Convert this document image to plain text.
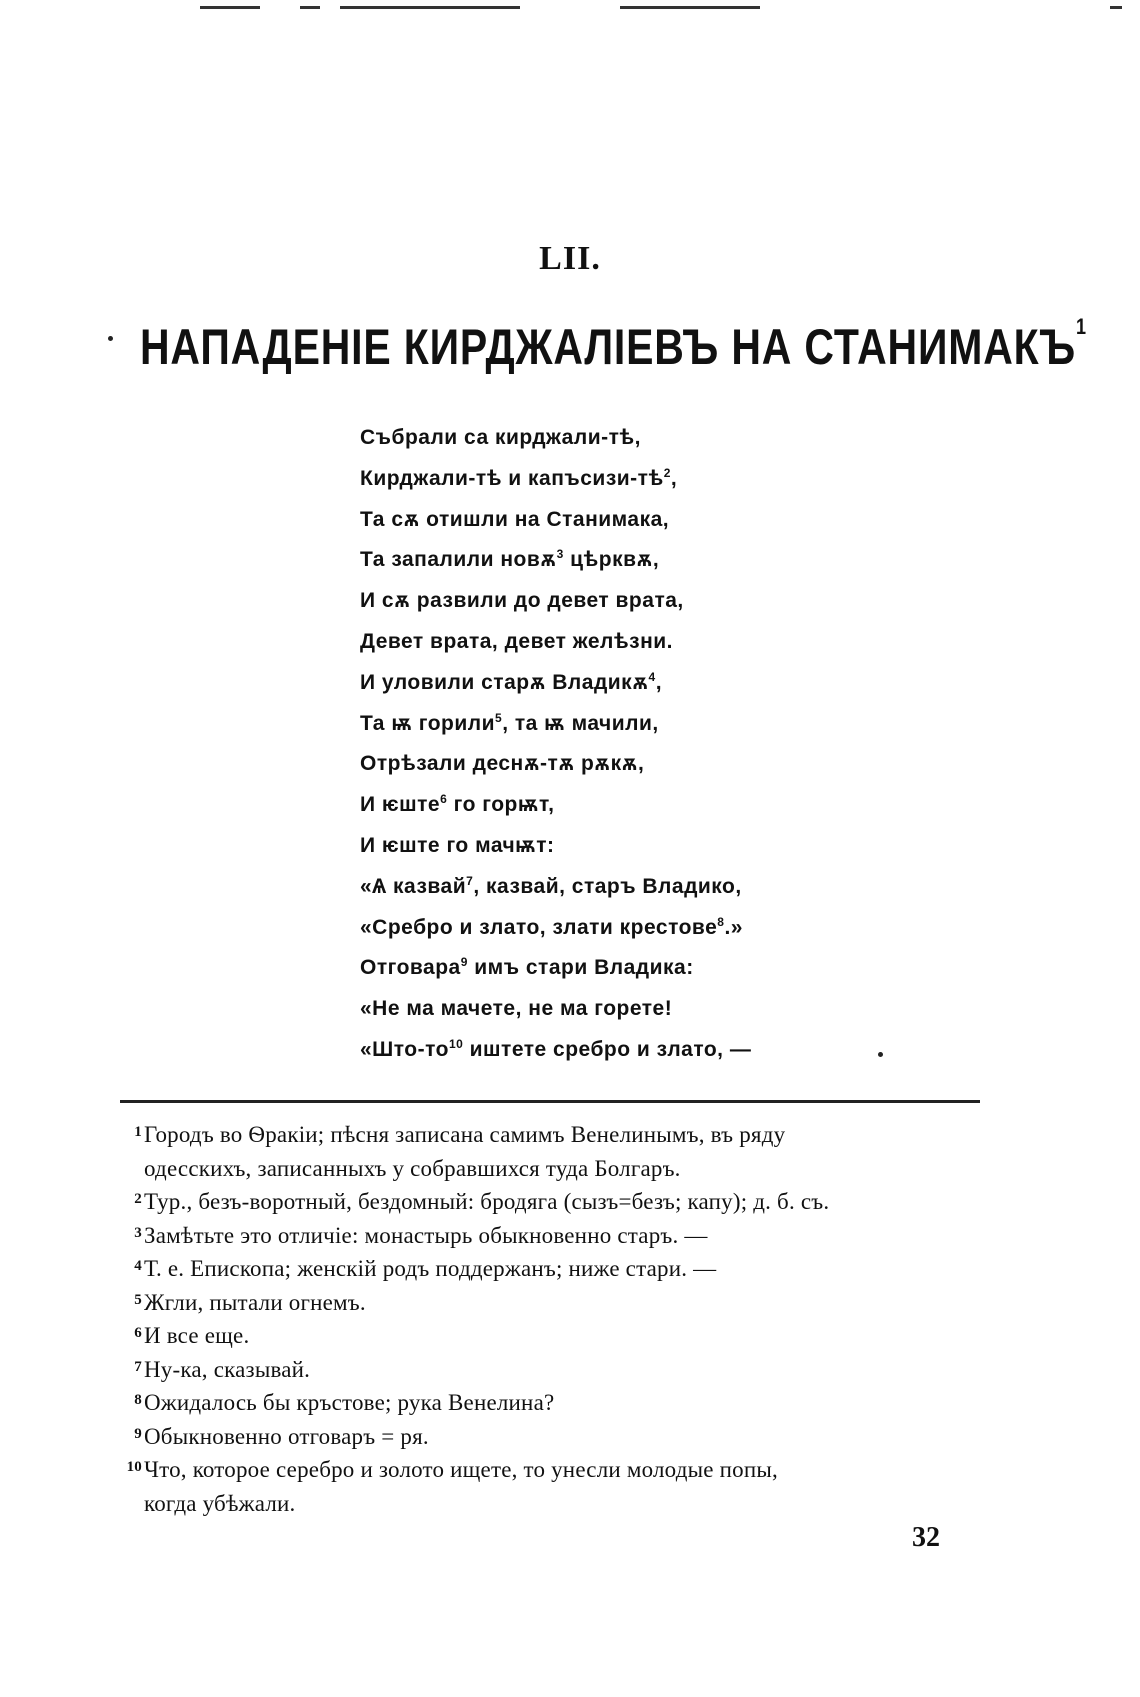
LII.
НАПАДЕНІЕ КИРДЖАЛІЕВЪ НА СТАНИМАКЪ$^1$
Събрали са кирджали-тѣ,
Кирджали-тѣ и капъсизи-$тѣ^2$,
Та сѫ отишли на Станимака,
Та запалили новѫ$^3$ цѣрквѫ,
И сѫ развили до девет врата,
Девет врата, девет желѣзни.
И уловили старѫ Владикѫ$^4$,
Та ѭ горили$^5$, та ѭ мачили,
Отрѣзали деснѫ-тѫ рѫкѫ,
И ѥште$^6$ го горѭт,
И ѥште го мачѭт:
«Ѧ казвай$^7$, казвай, старъ Владико,
«Сребро и злато, злати крестове$^8$.»
Отговара$^9$ имъ стари Владика:
«Не ма мачете, не ма горете!
«$Што-то^{10}$ иштете сребро и злато, —
1 Городъ во Ѳракіи; пѣсня записана самимъ Венелинымъ, въ ряду
одесскихъ, записанныхъ у собравшихся туда Болгаръ.
2 Тур., безъ-воротный, бездомный: бродяга (сызъ=безъ; капу); д. б. съ.
3 Замѣтьте это отличіе: монастырь обыкновенно старъ. —
4 Т. е. Епископа; женскій родъ поддержанъ; ниже стари. —
5 Жгли, пытали огнемъ.
6 И все еще.
7 Ну-ка, сказывай.
8 Ожидалось бы кръстове; рука Венелина?
9 Обыкновенно отговаръ = ря.
10 Что, которое серебро и золото ищете, то унесли молодые попы,
когда убѣжали.
32
